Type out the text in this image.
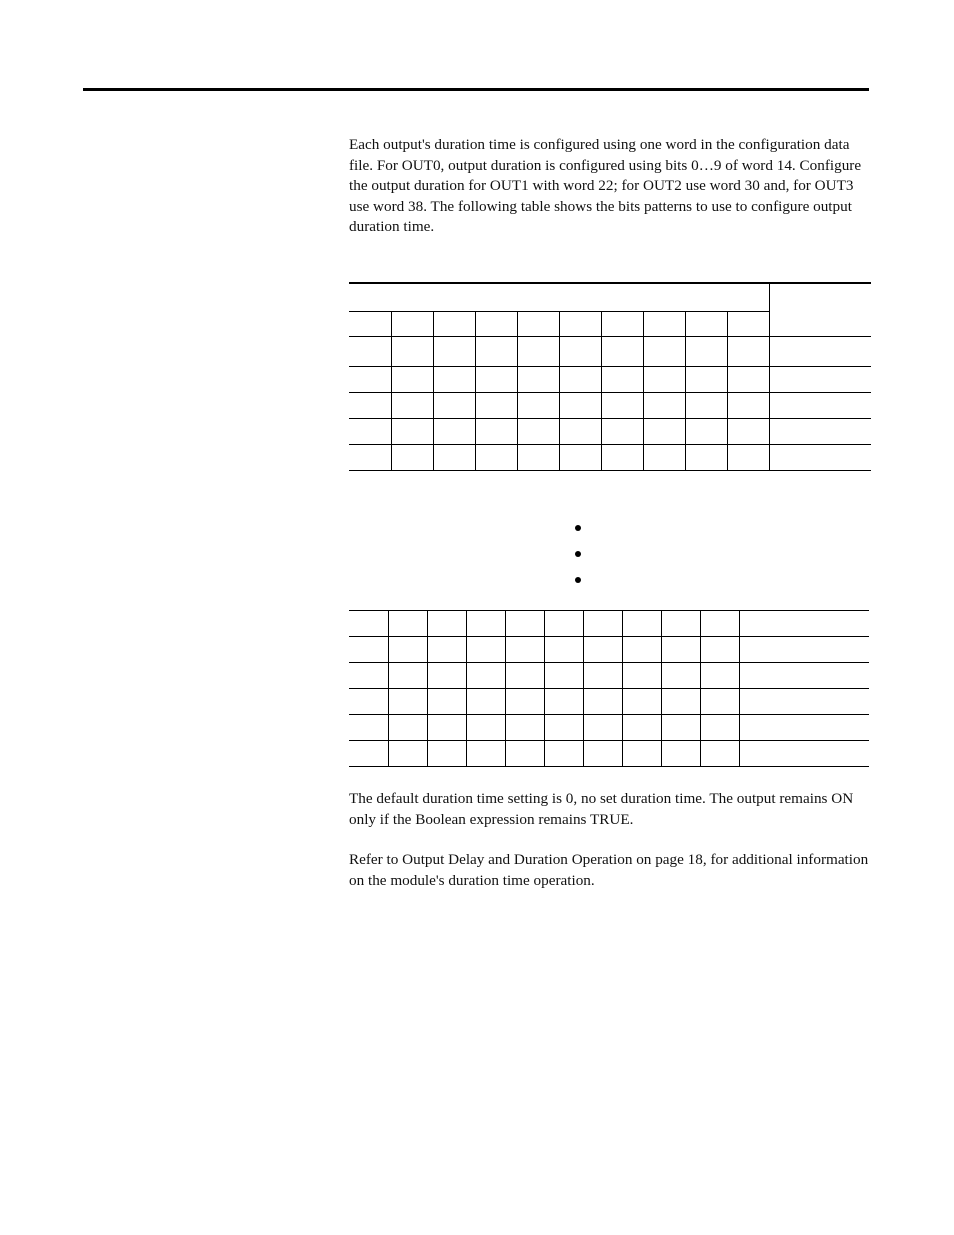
Each output's duration time is configured using one word in the configuration data file. For OUT0, output duration is configured using bits 0…9 of word 14. Configure the output duration for OUT1 with word 22; for OUT2 use word 30 and, for OUT3 use word 38. The following table shows the bits patterns to use to configure output duration time.

The default duration time setting is 0, no set duration time. The output remains ON only if the Boolean expression remains TRUE.

Refer to Output Delay and Duration Operation on page 18, for additional information on the module's duration time operation.
